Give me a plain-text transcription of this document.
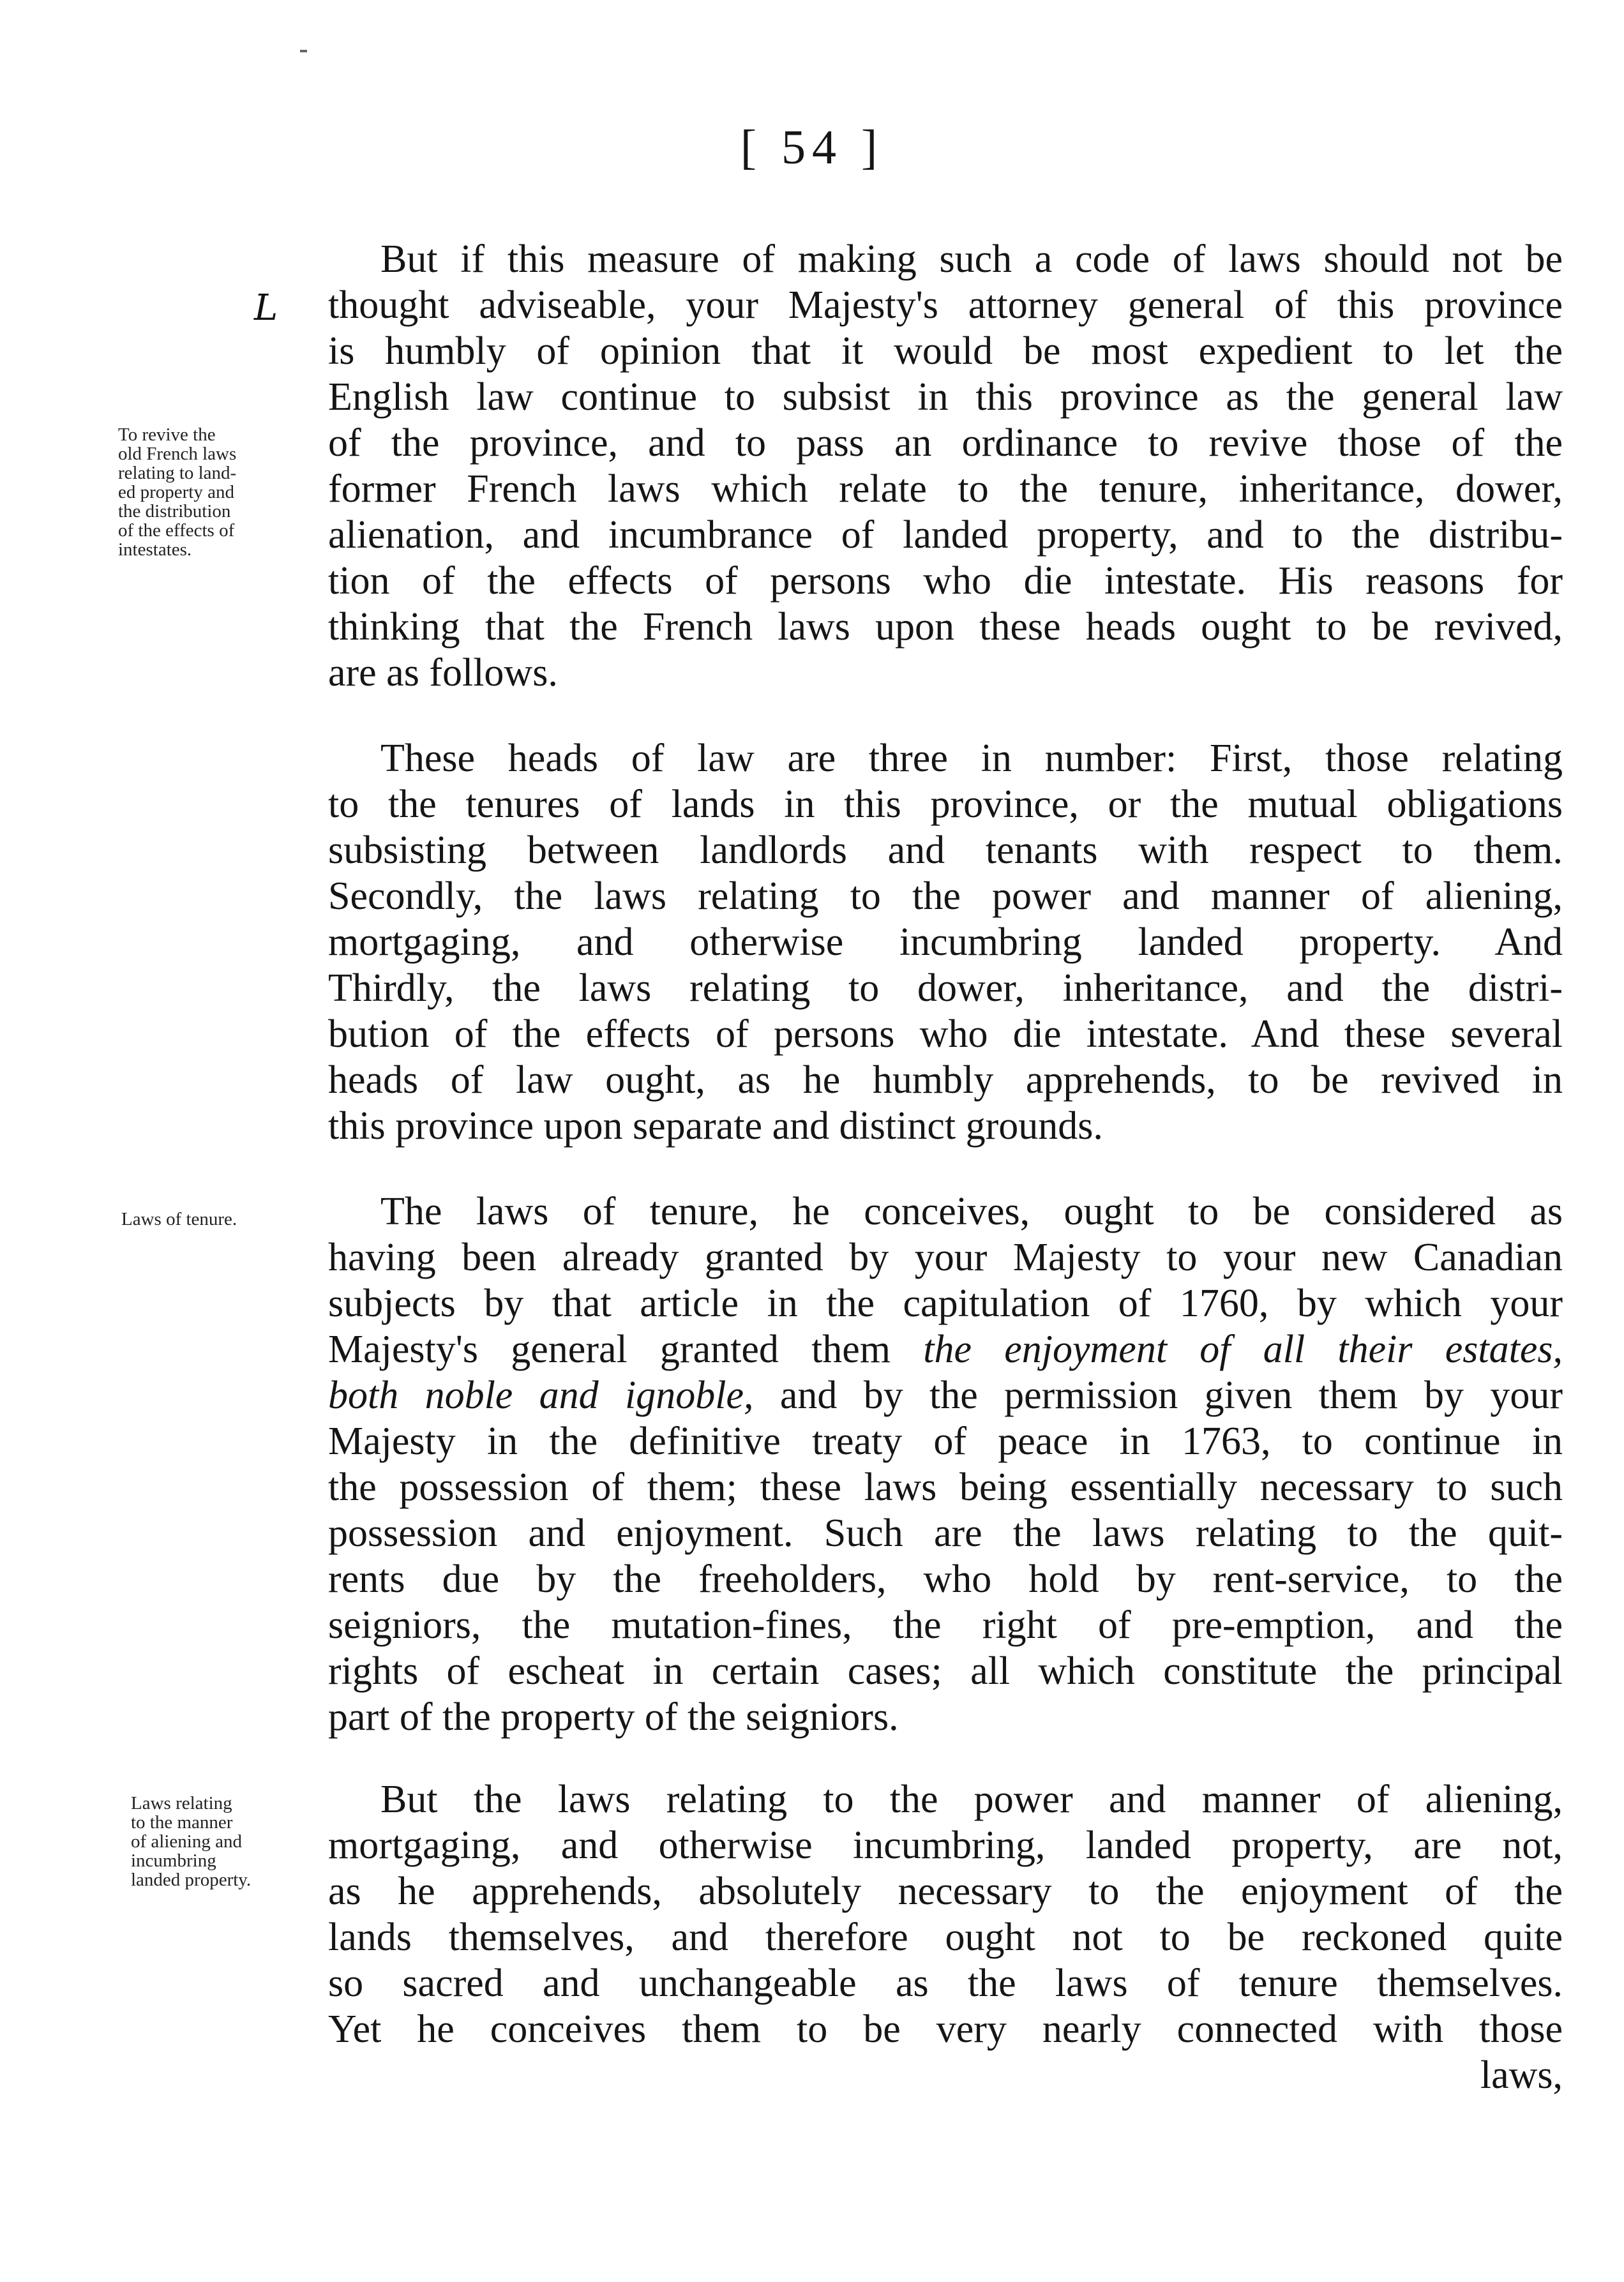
[ 54 ]
L
To revive the
old French laws
relating to land-
ed property and
the distribution
of the effects of
intestates.
Laws of tenure.
Laws relating
to the manner
of aliening and
incumbring
landed property.
But if this measure of making such a code of laws should not be
thought adviseable, your Majesty's attorney general of this province
is humbly of opinion that it would be most expedient to let the
English law continue to subsist in this province as the general law
of the province, and to pass an ordinance to revive those of the
former French laws which relate to the tenure, inheritance, dower,
alienation, and incumbrance of landed property, and to the distribu-
tion of the effects of persons who die intestate. His reasons for
thinking that the French laws upon these heads ought to be revived,
are as follows.
These heads of law are three in number: First, those relating
to the tenures of lands in this province, or the mutual obligations
subsisting between landlords and tenants with respect to them.
Secondly, the laws relating to the power and manner of aliening,
mortgaging, and otherwise incumbring landed property. And
Thirdly, the laws relating to dower, inheritance, and the distri-
bution of the effects of persons who die intestate. And these several
heads of law ought, as he humbly apprehends, to be revived in
this province upon separate and distinct grounds.
The laws of tenure, he conceives, ought to be considered as
having been already granted by your Majesty to your new Canadian
subjects by that article in the capitulation of 1760, by which your
Majesty's general granted them the enjoyment of all their estates,
both noble and ignoble, and by the permission given them by your
Majesty in the definitive treaty of peace in 1763, to continue in
the possession of them; these laws being essentially necessary to such
possession and enjoyment. Such are the laws relating to the quit-
rents due by the freeholders, who hold by rent-service, to the
seigniors, the mutation-fines, the right of pre-emption, and the
rights of escheat in certain cases; all which constitute the principal
part of the property of the seigniors.
But the laws relating to the power and manner of aliening,
mortgaging, and otherwise incumbring, landed property, are not,
as he apprehends, absolutely necessary to the enjoyment of the
lands themselves, and therefore ought not to be reckoned quite
so sacred and unchangeable as the laws of tenure themselves.
Yet he conceives them to be very nearly connected with those
laws,
